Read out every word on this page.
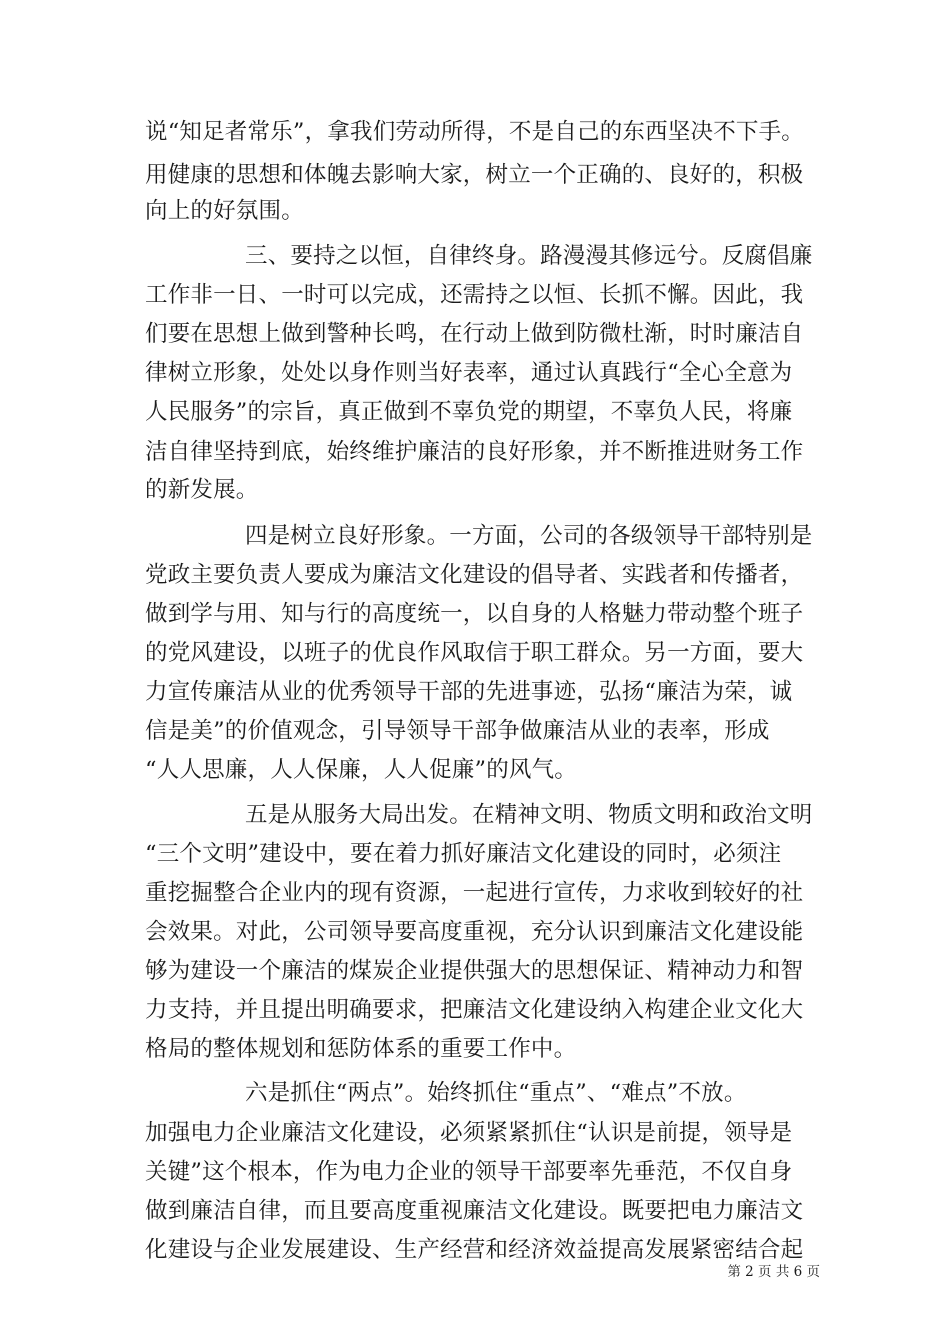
说“知足者常乐”，拿我们劳动所得，不是自己的东西坚决不下手。
用健康的思想和体魄去影响大家，树立一个正确的、良好的，积极
向上的好氛围。
三、要持之以恒，自律终身。路漫漫其修远兮。反腐倡廉
工作非一日、一时可以完成，还需持之以恒、长抓不懈。因此，我
们要在思想上做到警种长鸣，在行动上做到防微杜渐，时时廉洁自
律树立形象，处处以身作则当好表率，通过认真践行“全心全意为
人民服务”的宗旨，真正做到不辜负党的期望，不辜负人民，将廉
洁自律坚持到底，始终维护廉洁的良好形象，并不断推进财务工作
的新发展。
四是树立良好形象。一方面，公司的各级领导干部特别是
党政主要负责人要成为廉洁文化建设的倡导者、实践者和传播者，
做到学与用、知与行的高度统一，以自身的人格魅力带动整个班子
的党风建设，以班子的优良作风取信于职工群众。另一方面，要大
力宣传廉洁从业的优秀领导干部的先进事迹，弘扬“廉洁为荣，诚
信是美”的价值观念，引导领导干部争做廉洁从业的表率，形成
“人人思廉，人人保廉，人人促廉”的风气。
五是从服务大局出发。在精神文明、物质文明和政治文明
“三个文明”建设中，要在着力抓好廉洁文化建设的同时，必须注
重挖掘整合企业内的现有资源，一起进行宣传，力求收到较好的社
会效果。对此，公司领导要高度重视，充分认识到廉洁文化建设能
够为建设一个廉洁的煤炭企业提供强大的思想保证、精神动力和智
力支持，并且提出明确要求，把廉洁文化建设纳入构建企业文化大
格局的整体规划和惩防体系的重要工作中。
六是抓住“两点”。始终抓住“重点”、“难点”不放。
加强电力企业廉洁文化建设，必须紧紧抓住“认识是前提，领导是
关键”这个根本，作为电力企业的领导干部要率先垂范，不仅自身
做到廉洁自律，而且要高度重视廉洁文化建设。既要把电力廉洁文
化建设与企业发展建设、生产经营和经济效益提高发展紧密结合起
第 2 页 共 6 页
